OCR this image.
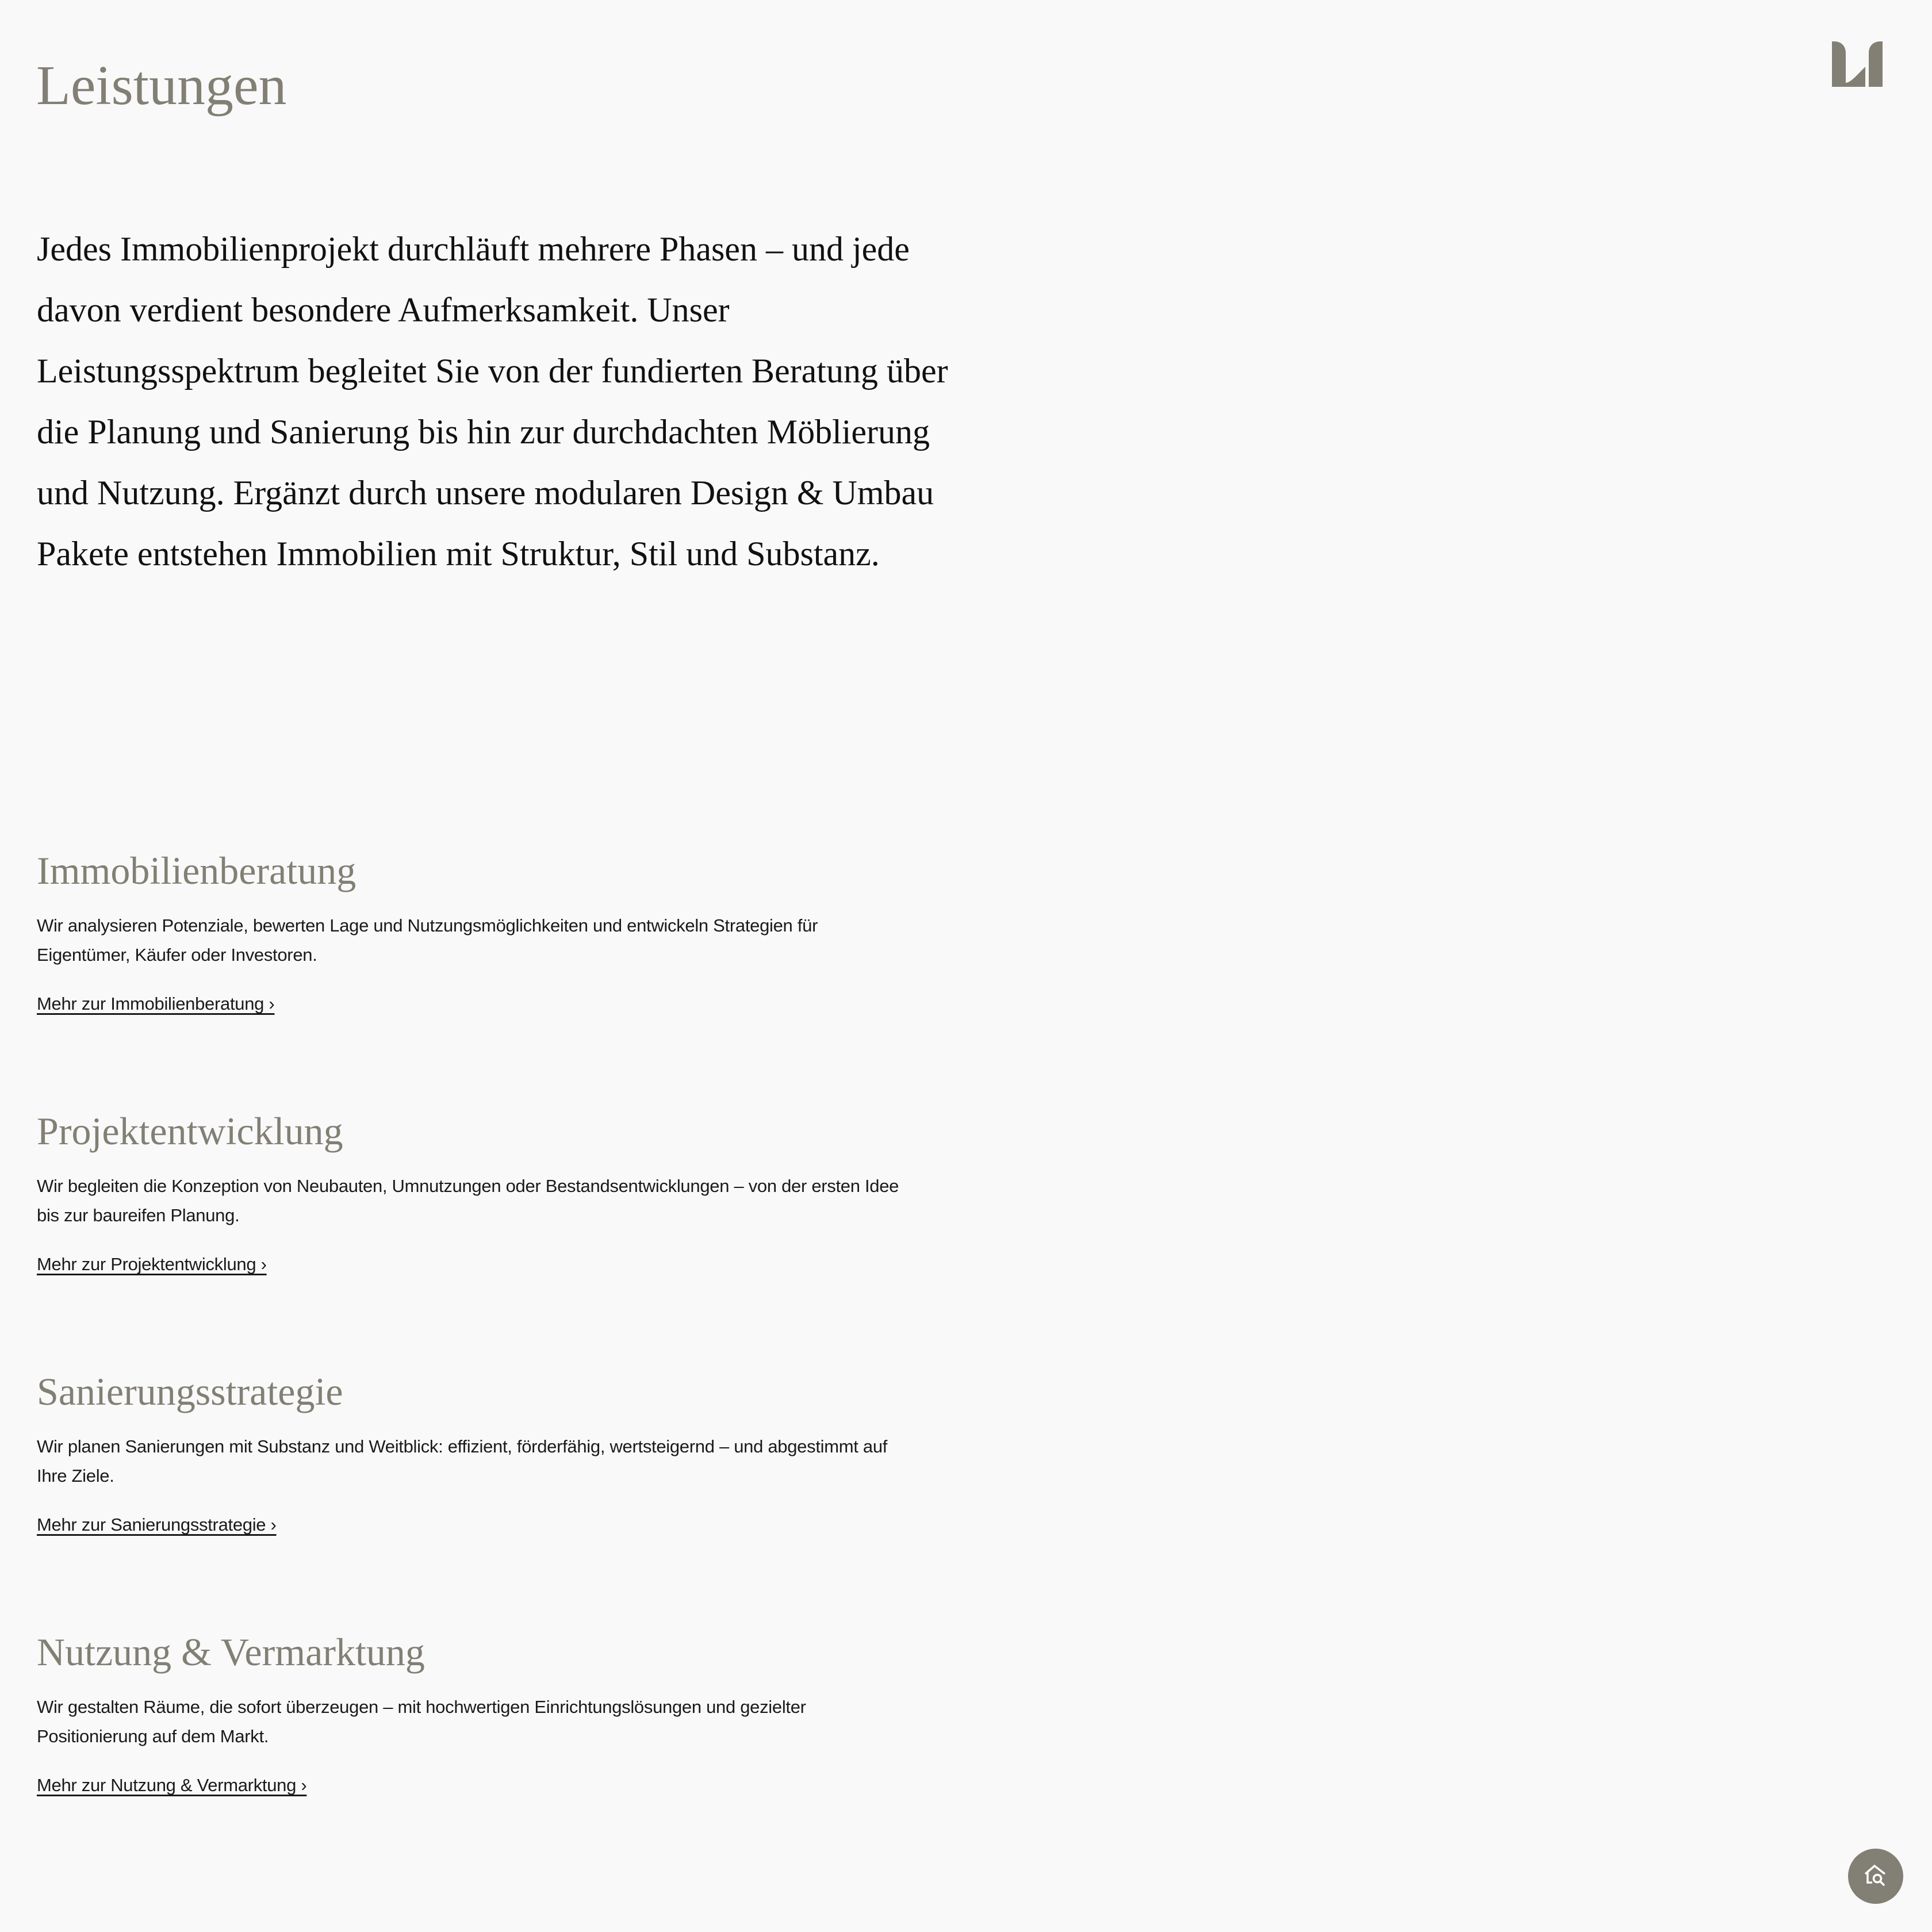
Leistungen

Jedes Immobilienprojekt durchläuft mehrere Phasen – und jede davon verdient besondere Aufmerksamkeit. Unser Leistungsspektrum begleitet Sie von der fundierten Beratung über die Planung und Sanierung bis hin zur durchdachten Möblierung und Nutzung. Ergänzt durch unsere modularen Design & Umbau Pakete entstehen Immobilien mit Struktur, Stil und Substanz.

Immobilienberatung

Wir analysieren Potenziale, bewerten Lage und Nutzungsmöglichkeiten und entwickeln Strategien für Eigentümer, Käufer oder Investoren.

Mehr zur Immobilienberatung ›
Projektentwicklung

Wir begleiten die Konzeption von Neubauten, Umnutzungen oder Bestandsentwicklungen – von der ersten Idee bis zur baureifen Planung.

Mehr zur Projektentwicklung ›
Sanierungsstrategie

Wir planen Sanierungen mit Substanz und Weitblick: effizient, förderfähig, wertsteigernd – und abgestimmt auf Ihre Ziele.

Mehr zur Sanierungsstrategie ›
Nutzung & Vermarktung

Wir gestalten Räume, die sofort überzeugen – mit hochwertigen Einrichtungslösungen und gezielter Positionierung auf dem Markt.

Mehr zur Nutzung & Vermarktung ›
